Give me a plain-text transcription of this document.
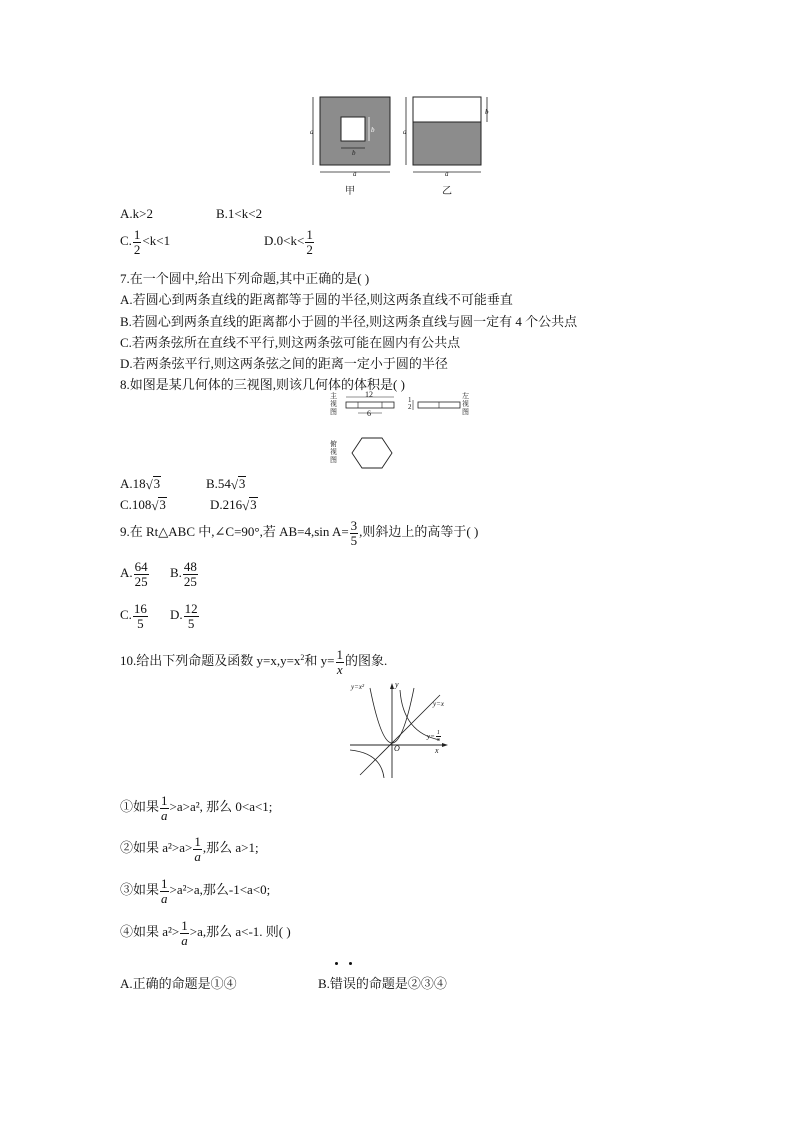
a
b
b
a
a
b
a
甲	乙
A.k>2	B.1<k<2
C. $\frac{1}{2} <k<1$	$D.0<k< \frac{1}{2}$
7.在一个圆中,给出下列命题,其中正确的是( )
A.若圆心到两条直线的距离都等于圆的半径,则这两条直线不可能垂直
B.若圆心到两条直线的距离都小于圆的半径,则这两条直线与圆一定有 4 个公共点
C.若两条弦所在直线不平行,则这两条弦可能在圆内有公共点
D.若两条弦平行,则这两条弦之间的距离一定小于圆的半径
8.如图是某几何体的三视图,则该几何体的体积是( )
12
6
1
2
主视图
左视图
俯视图
A.18 √ 3	B.54 √ 3
C.108 √ 3	D.216 √ 3
9.在 Rt△ABC 中,∠C=90°,若 AB=4,sin $A= \frac{3}{5}$ ,则斜边上的高等于( )
A. $\frac{64}{25} B$. $\frac{48}{25}$
C. $\frac{16}{5} D$. $\frac{12}{5}$
10.给出下列命题及函数 $y=x,y=x^2$和 $y= \frac{1}{x}$ 的图象.
y
x
O
y=x²
y=x
$y= \frac{1}{x}$
①如果 $\frac{1}{a} >a>a^2$, 那么 0<a<1;
②如果 $a^2>a> \frac{1}{a}$ ,那么 a>1;
③如果 $\frac{1}{a} >a^2>a$,那么-1<a<0;
④如果 $a^2> \frac{1}{a} >a$,那么 a<-1. 则( )
A.正确的命题是①④	B.错误的命题是②③④
